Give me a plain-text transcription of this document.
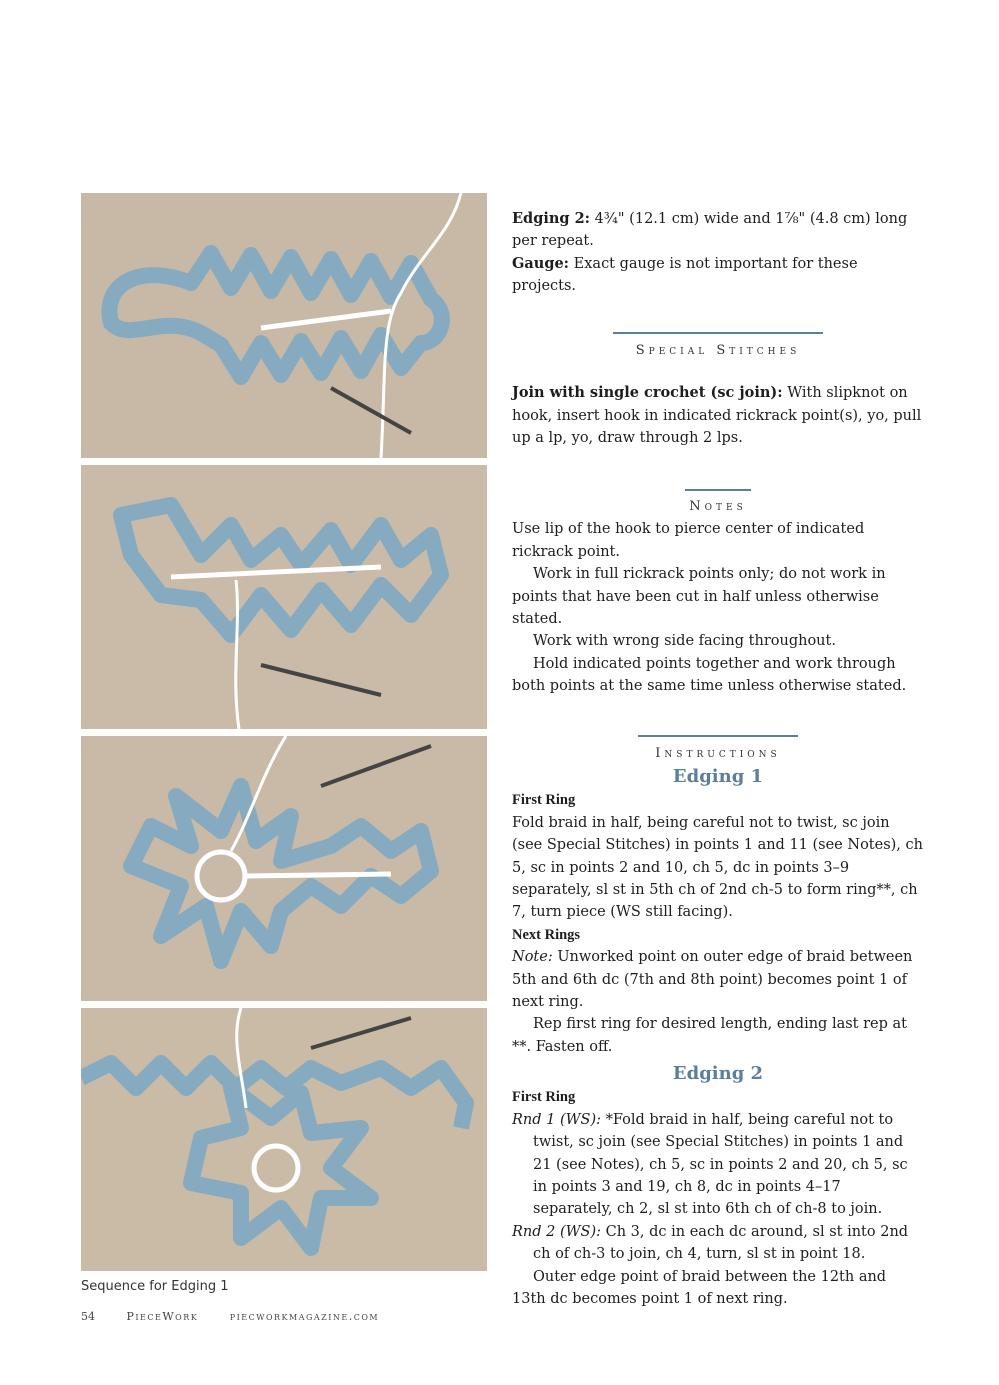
Sequence for Edging 1

Edging 2: 4¾" (12.1 cm) wide and 1⅞" (4.8 cm) long per repeat.

Gauge: Exact gauge is not important for these projects.

Special Stitches

Join with single crochet (sc join): With slipknot on hook, insert hook in indicated rickrack point(s), yo, pull up a lp, yo, draw through 2 lps.

Notes

Use lip of the hook to pierce center of indicated rickrack point.

Work in full rickrack points only; do not work in points that have been cut in half unless otherwise stated.

Work with wrong side facing throughout.

Hold indicated points together and work through both points at the same time unless otherwise stated.

Instructions
Edging 1

First Ring

Fold braid in half, being careful not to twist, sc join (see Special Stitches) in points 1 and 11 (see Notes), ch 5, sc in points 2 and 10, ch 5, dc in points 3–9 separately, sl st in 5th ch of 2nd ch-5 to form ring**, ch 7, turn piece (WS still facing).

Next Rings

Note: Unworked point on outer edge of braid between 5th and 6th dc (7th and 8th point) becomes point 1 of next ring.

Rep first ring for desired length, ending last rep at **. Fasten off.

Edging 2

First Ring

Rnd 1 (WS): *Fold braid in half, being careful not to twist, sc join (see Special Stitches) in points 1 and 21 (see Notes), ch 5, sc in points 2 and 20, ch 5, sc in points 3 and 19, ch 8, dc in points 4–17 separately, ch 2, sl st into 6th ch of ch-8 to join.

Rnd 2 (WS): Ch 3, dc in each dc around, sl st into 2nd ch of ch-3 to join, ch 4, turn, sl st in point 18.

Outer edge point of braid between the 12th and 13th dc becomes point 1 of next ring.

54	PieceWork	piecworkmagazine.com
